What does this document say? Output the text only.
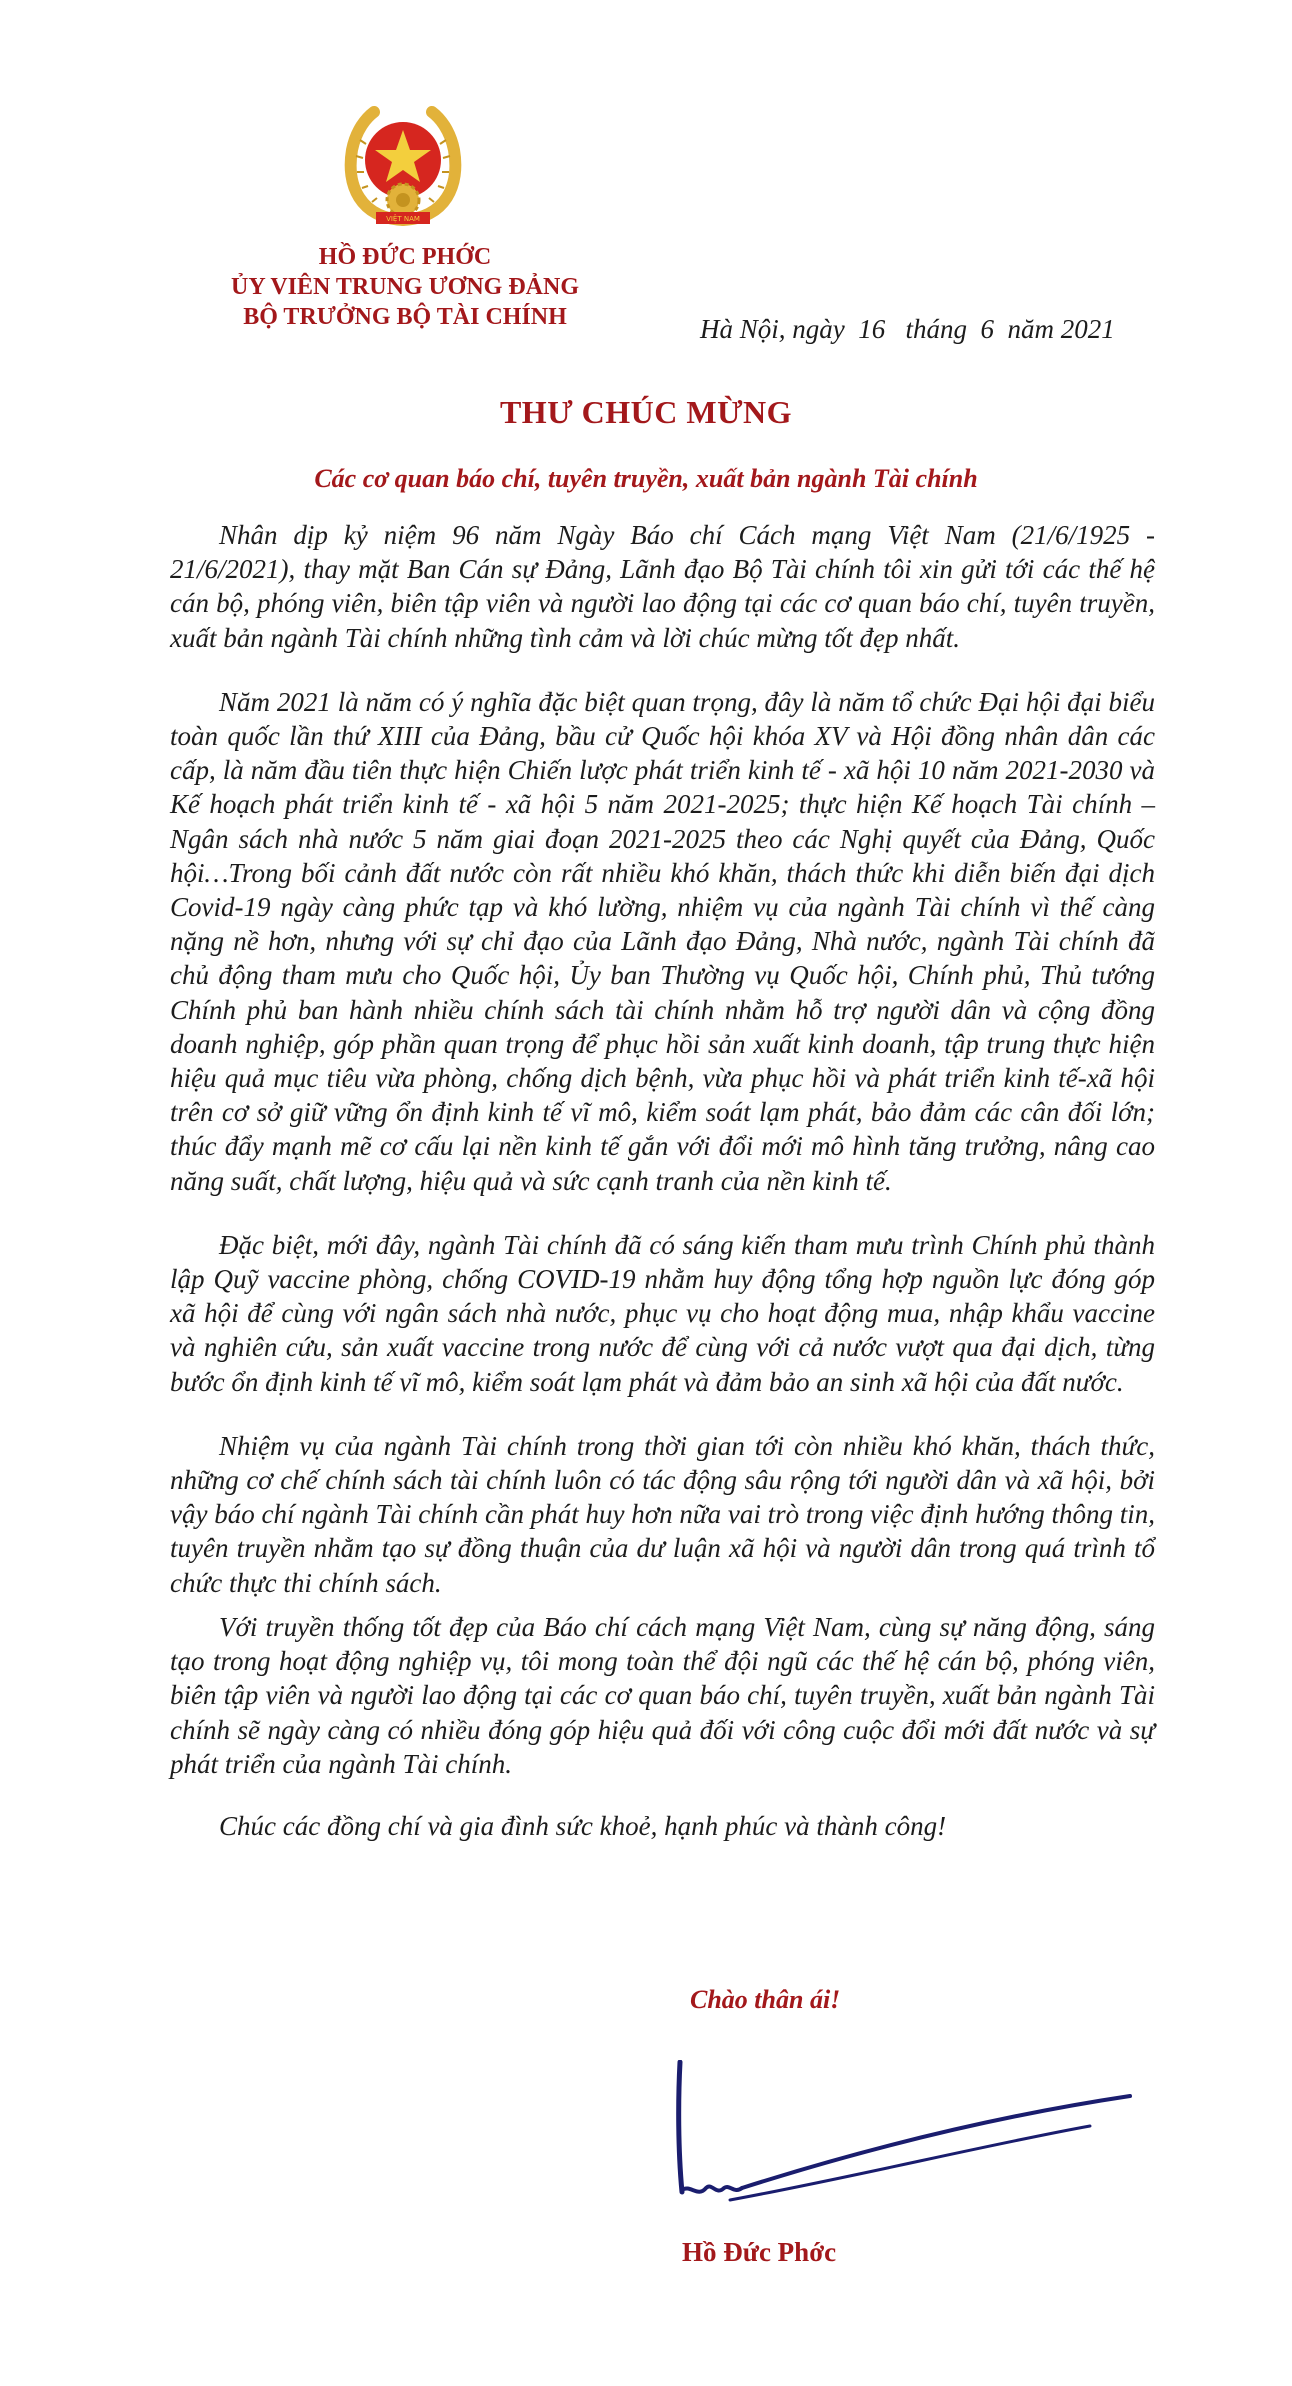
VIỆT NAM
HỒ ĐỨC PHỚC
ỦY VIÊN TRUNG ƯƠNG ĐẢNG
BỘ TRƯỞNG BỘ TÀI CHÍNH	Hà Nội, ngày  16   tháng  6  năm 2021
THƯ CHÚC MỪNG
Các cơ quan báo chí, tuyên truyền, xuất bản ngành Tài chính

Nhân dịp kỷ niệm 96 năm Ngày Báo chí Cách mạng Việt Nam (21/6/1925 - 21/6/2021), thay mặt Ban Cán sự Đảng, Lãnh đạo Bộ Tài chính tôi xin gửi tới các thế hệ cán bộ, phóng viên, biên tập viên và người lao động tại các cơ quan báo chí, tuyên truyền, xuất bản ngành Tài chính những tình cảm và lời chúc mừng tốt đẹp nhất.

Năm 2021 là năm có ý nghĩa đặc biệt quan trọng, đây là năm tổ chức Đại hội đại biểu toàn quốc lần thứ XIII của Đảng, bầu cử Quốc hội khóa XV và Hội đồng nhân dân các cấp, là năm đầu tiên thực hiện Chiến lược phát triển kinh tế - xã hội 10 năm 2021-2030 và Kế hoạch phát triển kinh tế - xã hội 5 năm 2021-2025; thực hiện Kế hoạch Tài chính – Ngân sách nhà nước 5 năm giai đoạn 2021-2025 theo các Nghị quyết của Đảng, Quốc hội…Trong bối cảnh đất nước còn rất nhiều khó khăn, thách thức khi diễn biến đại dịch Covid-19 ngày càng phức tạp và khó lường, nhiệm vụ của ngành Tài chính vì thế càng nặng nề hơn, nhưng với sự chỉ đạo của Lãnh đạo Đảng, Nhà nước, ngành Tài chính đã chủ động tham mưu cho Quốc hội, Ủy ban Thường vụ Quốc hội, Chính phủ, Thủ tướng Chính phủ ban hành nhiều chính sách tài chính nhằm hỗ trợ người dân và cộng đồng doanh nghiệp, góp phần quan trọng để phục hồi sản xuất kinh doanh, tập trung thực hiện hiệu quả mục tiêu vừa phòng, chống dịch bệnh, vừa phục hồi và phát triển kinh tế-xã hội trên cơ sở giữ vững ổn định kinh tế vĩ mô, kiểm soát lạm phát, bảo đảm các cân đối lớn; thúc đẩy mạnh mẽ cơ cấu lại nền kinh tế gắn với đổi mới mô hình tăng trưởng, nâng cao năng suất, chất lượng, hiệu quả và sức cạnh tranh của nền kinh tế.

Đặc biệt, mới đây, ngành Tài chính đã có sáng kiến tham mưu trình Chính phủ thành lập Quỹ vaccine phòng, chống COVID-19 nhằm huy động tổng hợp nguồn lực đóng góp xã hội để cùng với ngân sách nhà nước, phục vụ cho hoạt động mua, nhập khẩu vaccine và nghiên cứu, sản xuất vaccine trong nước để cùng với cả nước vượt qua đại dịch, từng bước ổn định kinh tế vĩ mô, kiểm soát lạm phát và đảm bảo an sinh xã hội của đất nước.

Nhiệm vụ của ngành Tài chính trong thời gian tới còn nhiều khó khăn, thách thức, những cơ chế chính sách tài chính luôn có tác động sâu rộng tới người dân và xã hội, bởi vậy báo chí ngành Tài chính cần phát huy hơn nữa vai trò trong việc định hướng thông tin, tuyên truyền nhằm tạo sự đồng thuận của dư luận xã hội và người dân trong quá trình tổ chức thực thi chính sách.

Với truyền thống tốt đẹp của Báo chí cách mạng Việt Nam, cùng sự năng động, sáng tạo trong hoạt động nghiệp vụ, tôi mong toàn thể đội ngũ các thế hệ cán bộ, phóng viên, biên tập viên và người lao động tại các cơ quan báo chí, tuyên truyền, xuất bản ngành Tài chính sẽ ngày càng có nhiều đóng góp hiệu quả đối với công cuộc đổi mới đất nước và sự phát triển của ngành Tài chính.

Chúc các đồng chí và gia đình sức khoẻ, hạnh phúc và thành công!

Chào thân ái!
Hồ Đức Phớc
